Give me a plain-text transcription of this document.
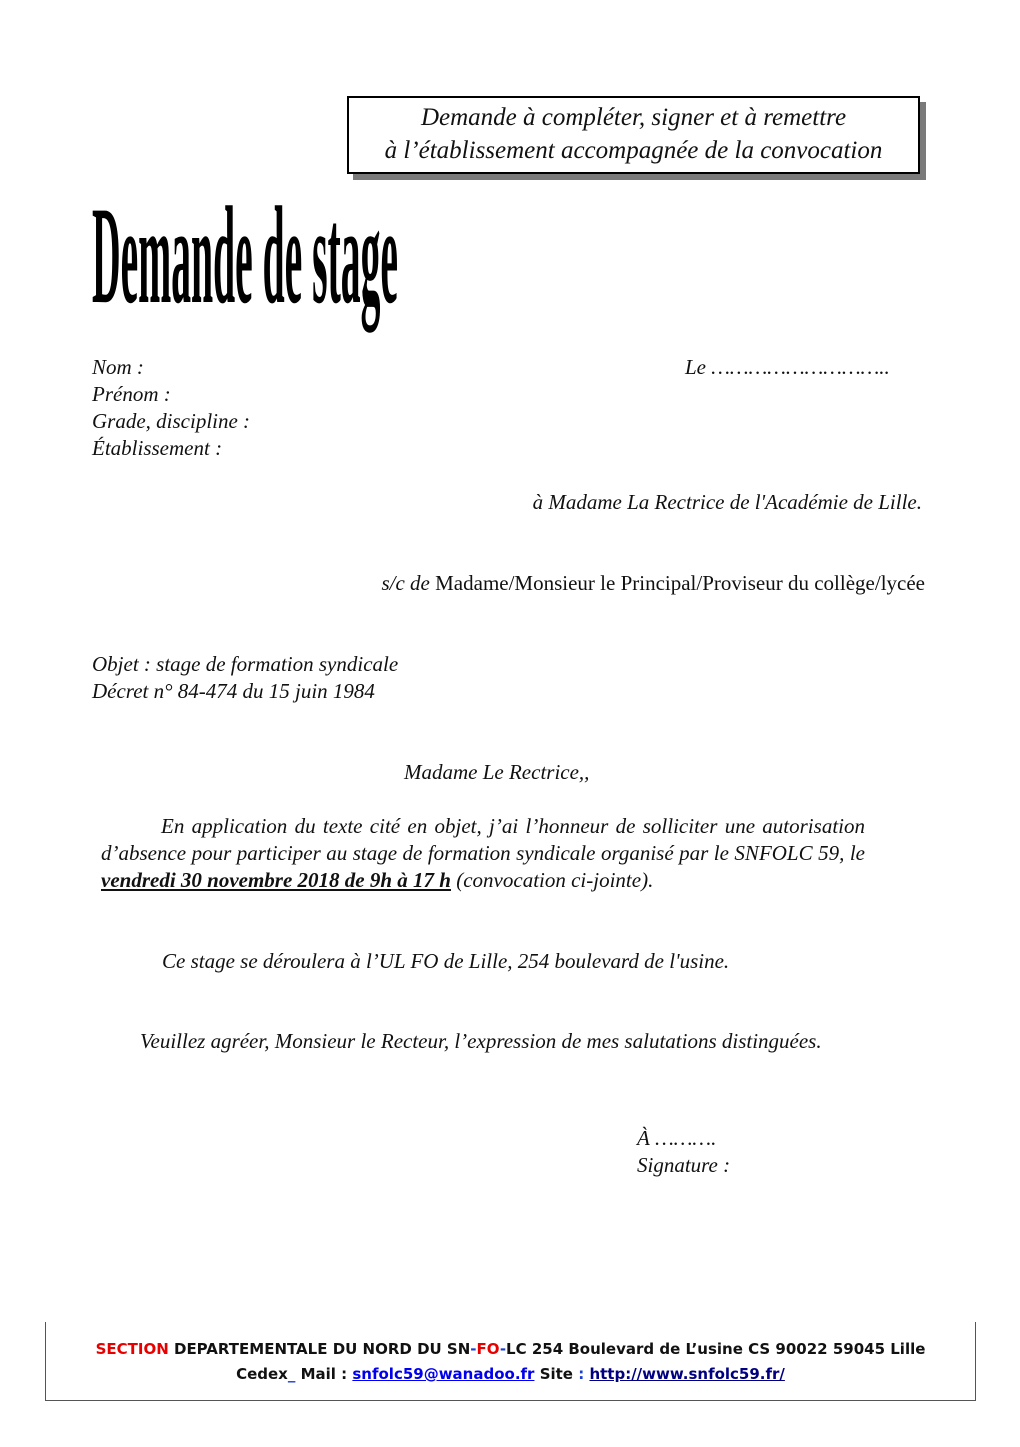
Demande à compléter, signer et à remettre
à l’établissement accompagnée de la convocation
Demande de stage
Nom :	Le ………………………..
Prénom :
Grade, discipline :
Établissement :
à Madame La Rectrice de l'Académie de Lille.
s/c de Madame/Monsieur le Principal/Proviseur du collège/lycée
Objet : stage de formation syndicale
Décret n° 84-474 du 15 juin 1984
Madame Le Rectrice,,
En application du texte cité en objet, j’ai l’honneur de solliciter une autorisation d’absence pour participer au stage de formation syndicale organisé par le SNFOLC 59, le vendredi 30 novembre 2018 de 9h à 17 h (convocation ci-jointe).
Ce stage se déroulera à l’UL FO de Lille, 254 boulevard de l'usine.
Veuillez agréer, Monsieur le Recteur, l’expression de mes salutations distinguées.
À ……….
Signature :
SECTION DEPARTEMENTALE DU NORD DU SN-FO-LC 254 Boulevard de L’usine CS 90022 59045 Lille
Cedex_ Mail : snfolc59@wanadoo.fr Site : http://www.snfolc59.fr/
